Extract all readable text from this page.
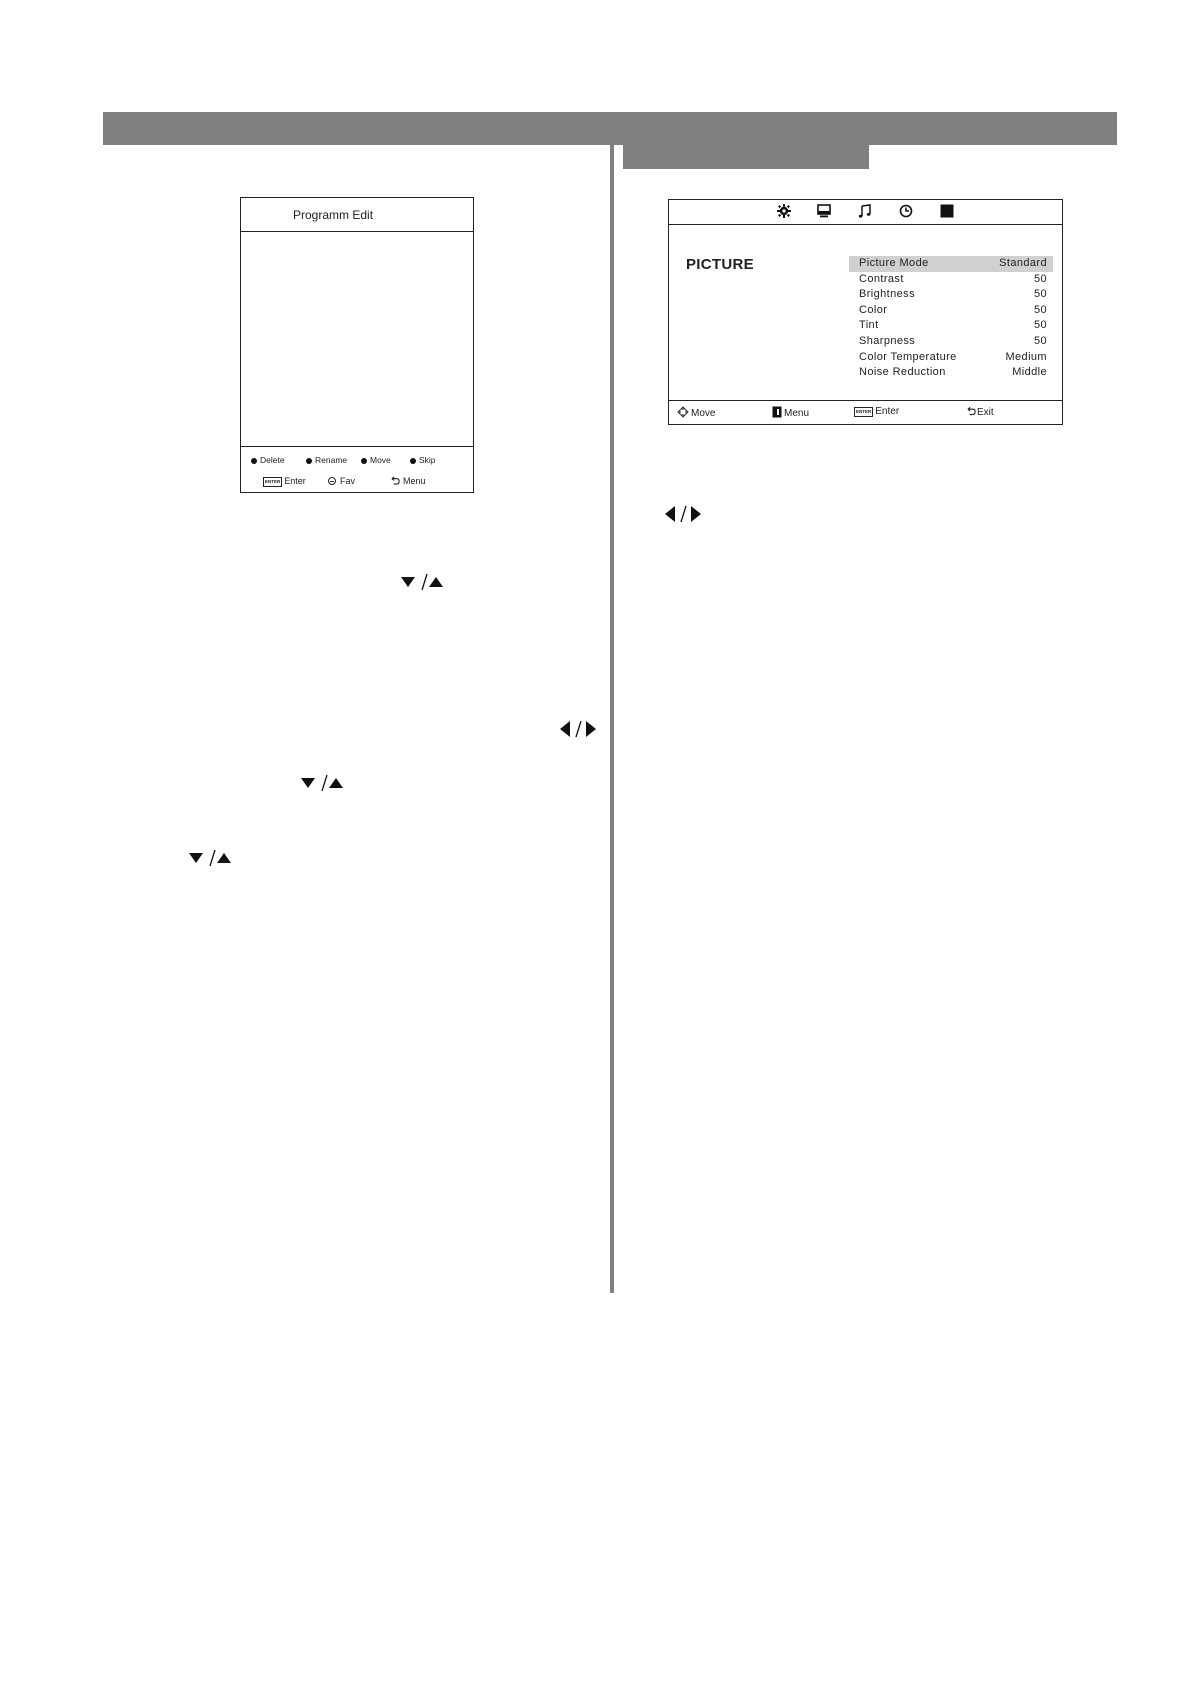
Programm Edit
Delete	Rename	Move	Skip
ENTER Enter	Fav	Menu
PICTURE	Picture Mode	Standard
Contrast	50
Brightness	50
Color	50
Tint	50
Sharpness	50
Color Temperature	Medium
Noise Reduction	Middle
Move	Menu	ENTER Enter	Exit
